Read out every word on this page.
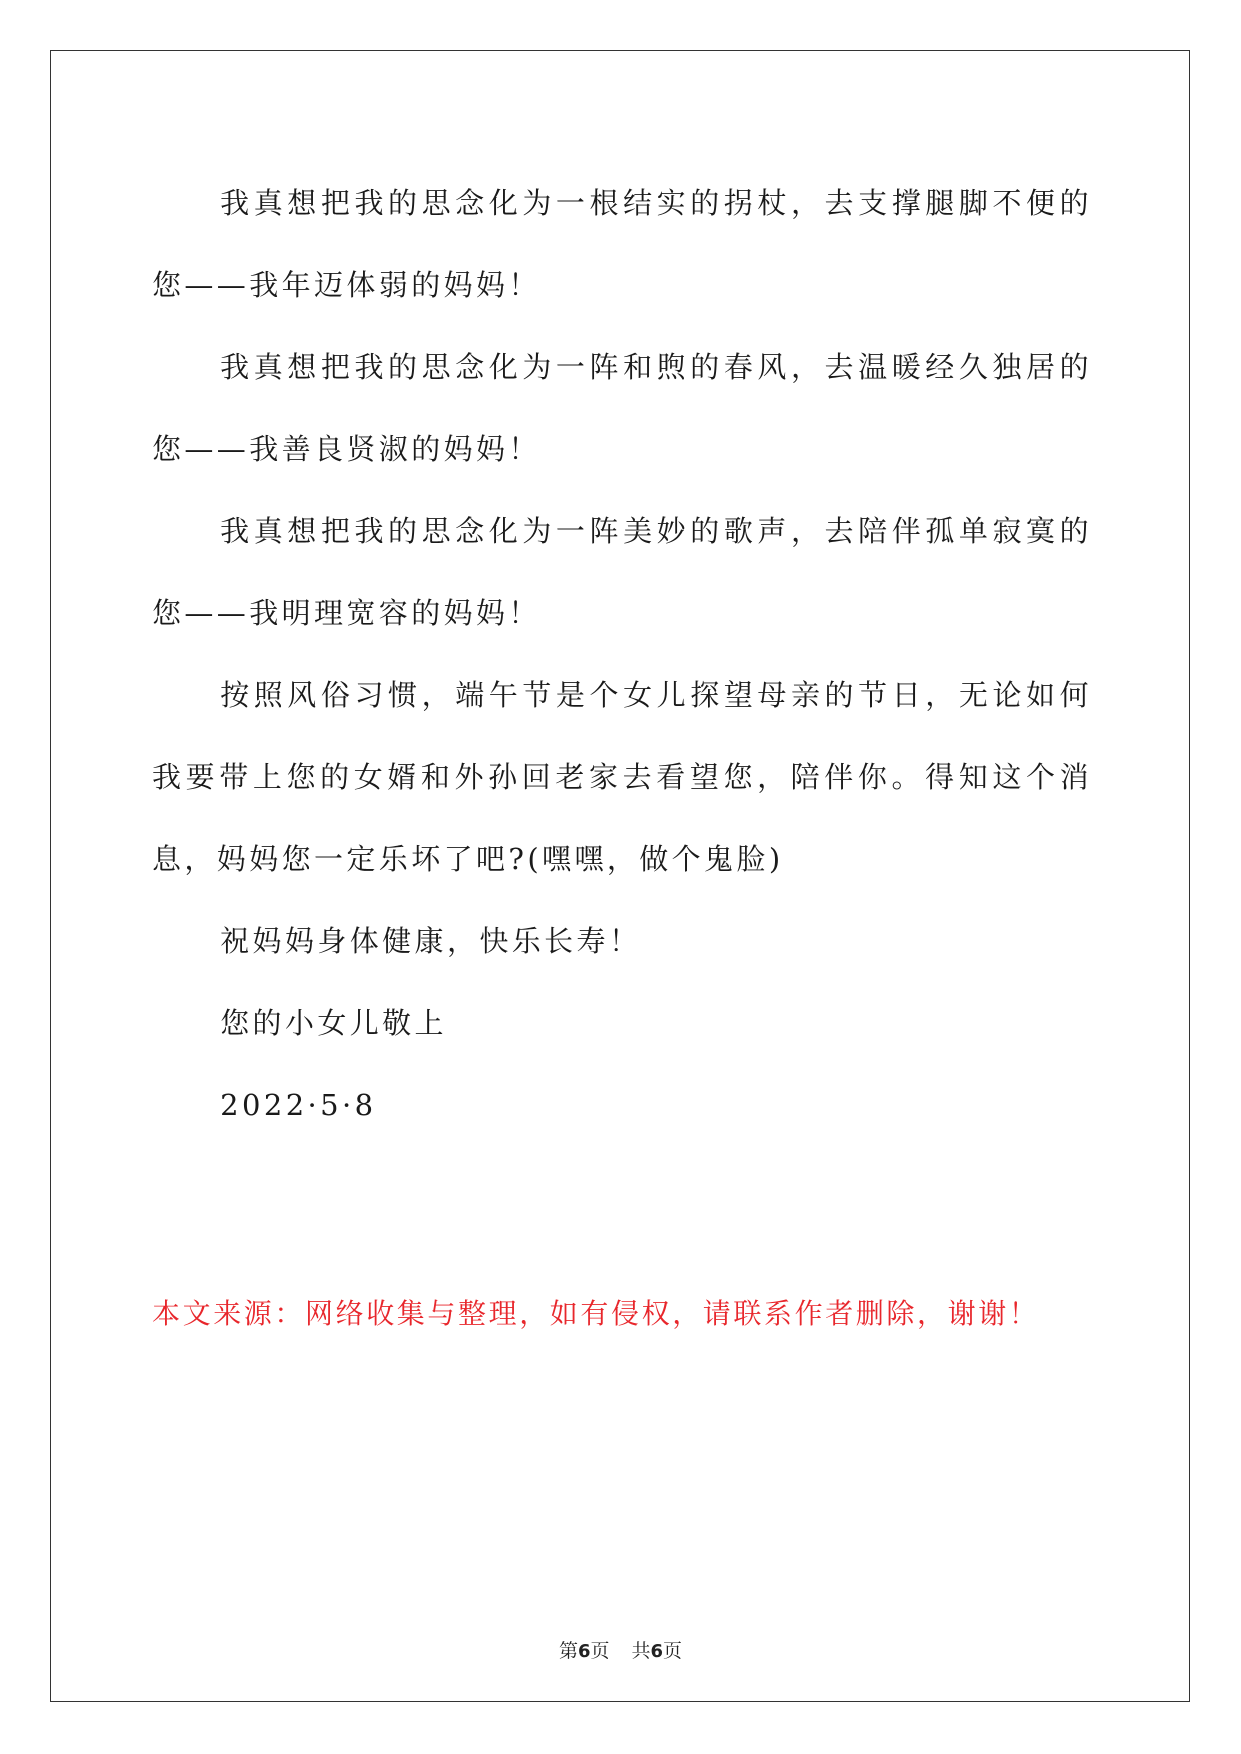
我真想把我的思念化为一根结实的拐杖，去支撑腿脚不便的您——我年迈体弱的妈妈！

我真想把我的思念化为一阵和煦的春风，去温暖经久独居的您——我善良贤淑的妈妈！

我真想把我的思念化为一阵美妙的歌声，去陪伴孤单寂寞的您——我明理宽容的妈妈！

按照风俗习惯，端午节是个女儿探望母亲的节日，无论如何我要带上您的女婿和外孙回老家去看望您，陪伴你。得知这个消息，妈妈您一定乐坏了吧?(嘿嘿，做个鬼脸)

祝妈妈身体健康，快乐长寿！

您的小女儿敬上

2022·5·8

本文来源：网络收集与整理，如有侵权，请联系作者删除，谢谢！
第6页 共6页
